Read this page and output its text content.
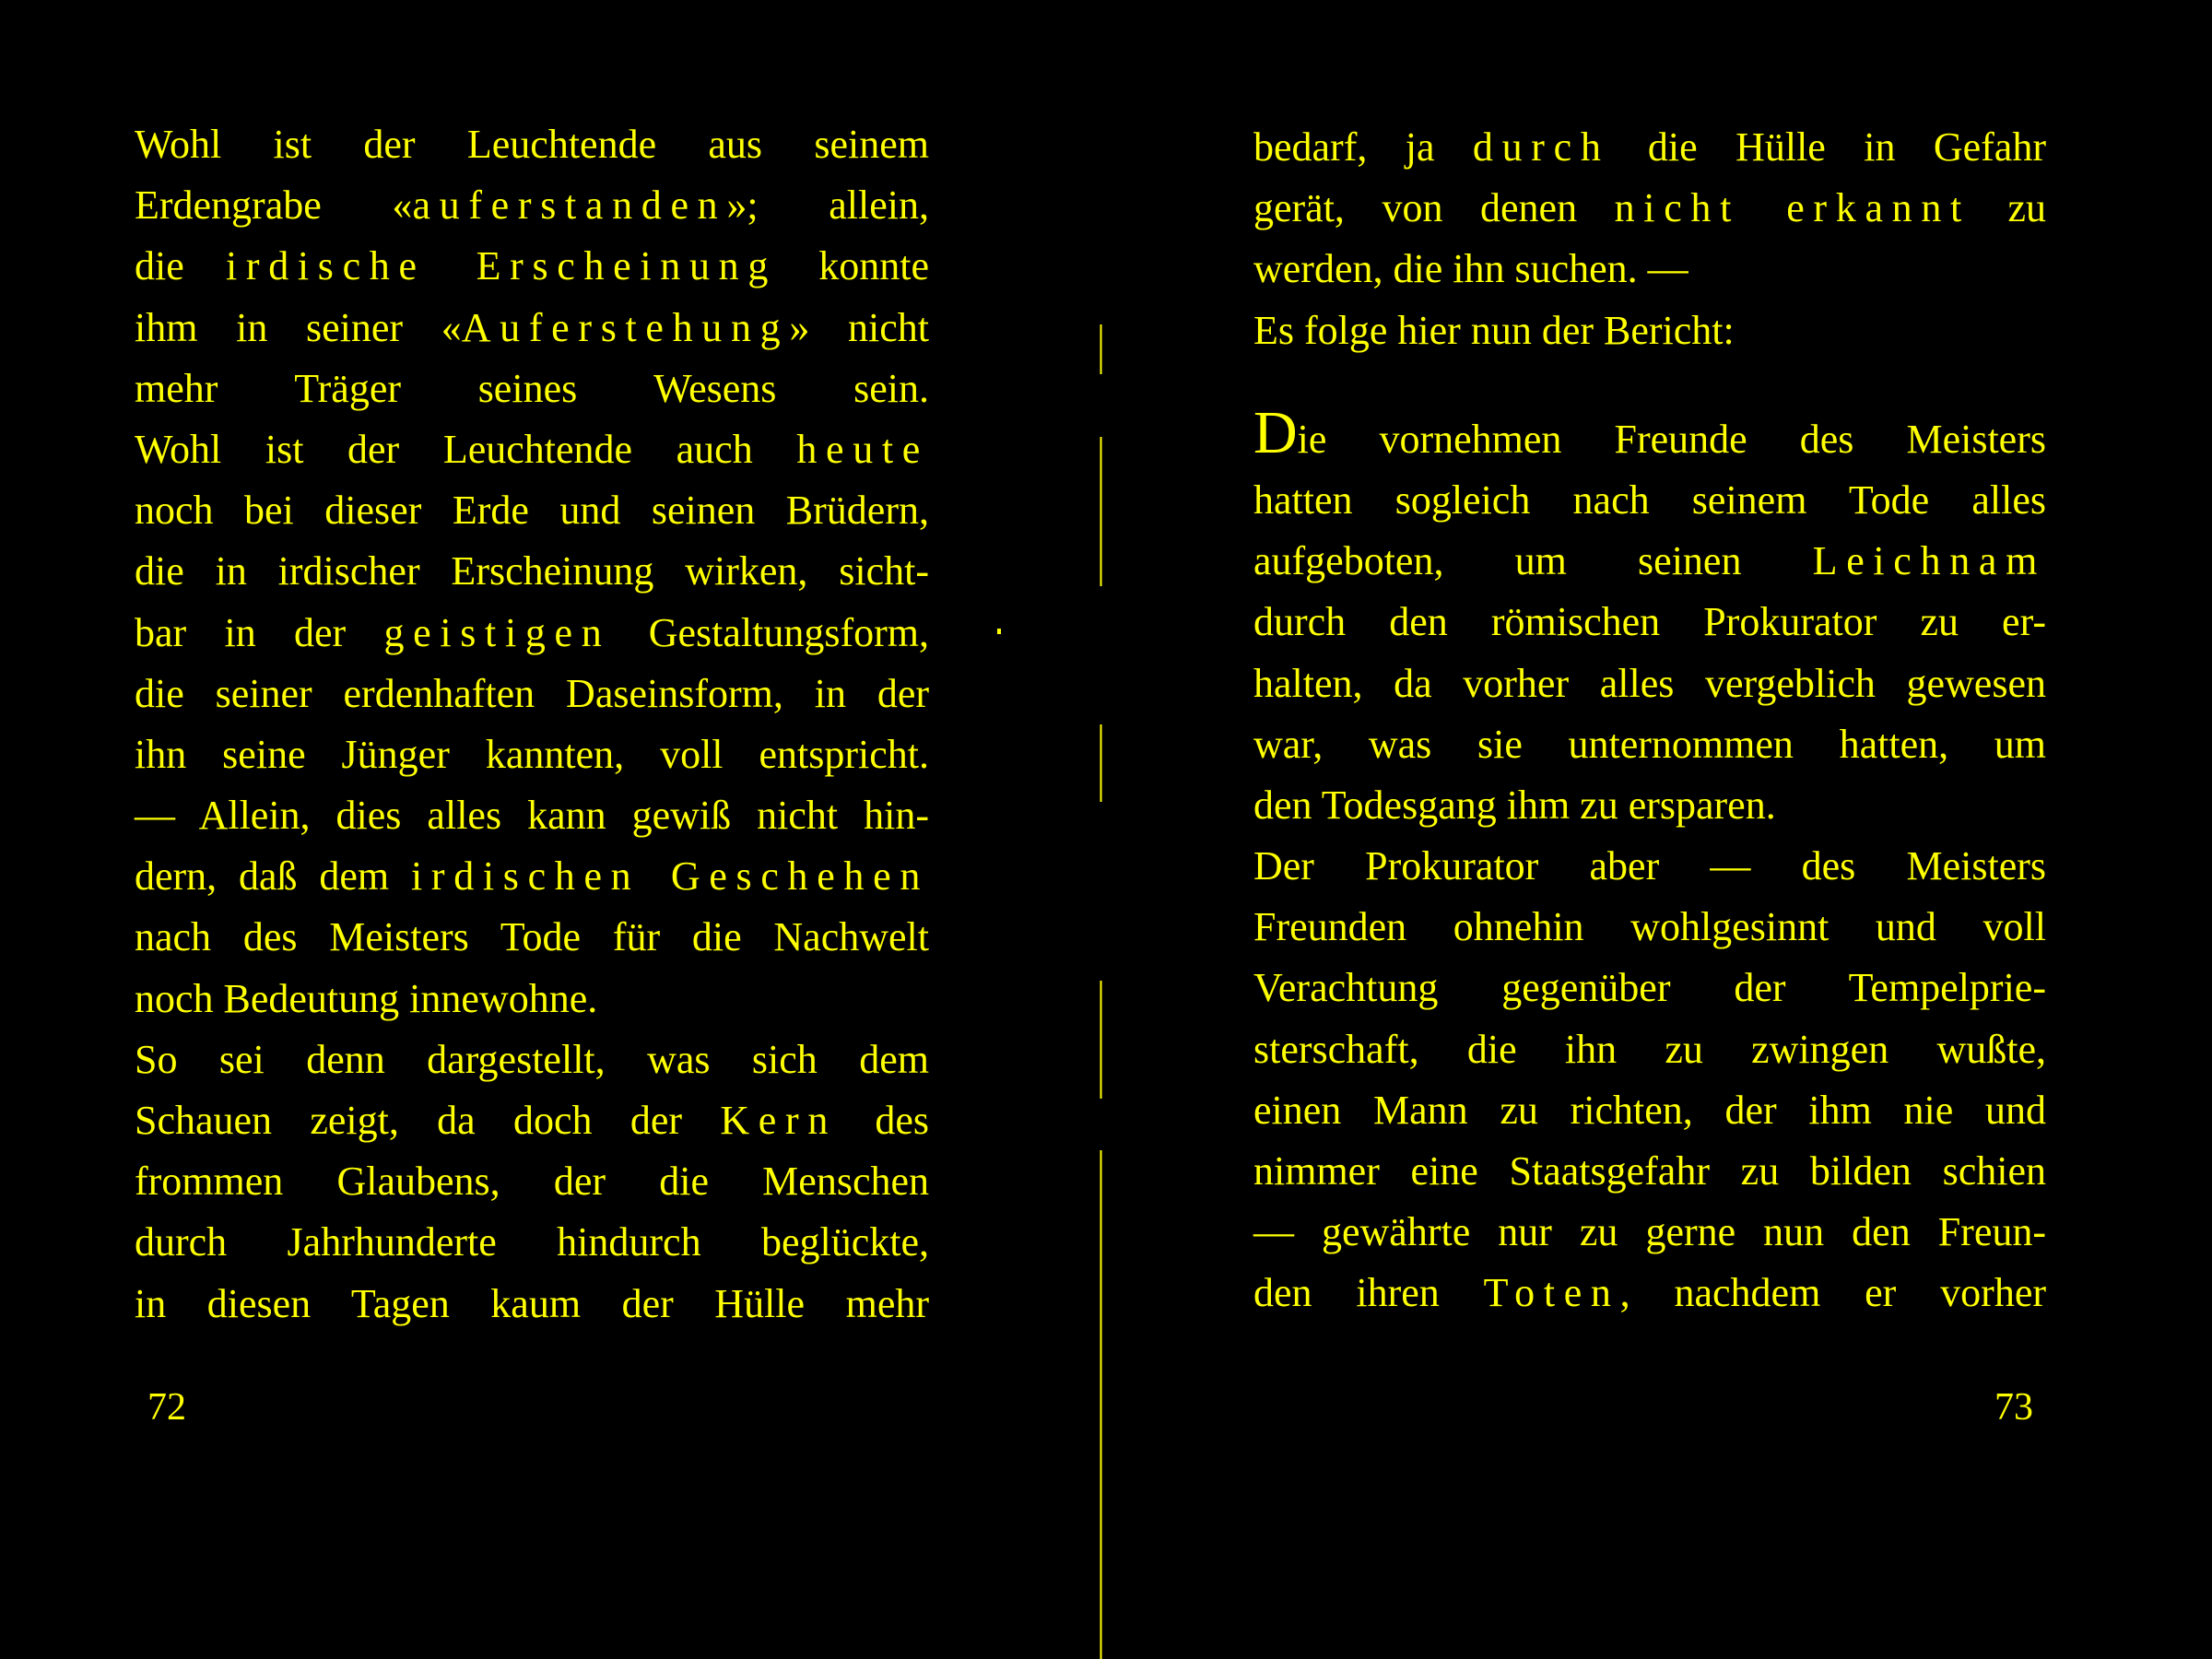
Wohl ist der Leuchtende aus seinem
Erdengrabe «auferstanden»; allein,
die irdische Erscheinung konnte
ihm in seiner «Auferstehung» nicht
mehr Träger seines Wesens sein.
Wohl ist der Leuchtende auch heute
noch bei dieser Erde und seinen Brüdern,
die in irdischer Erscheinung wirken, sicht-
bar in der geistigen Gestaltungsform,
die seiner erdenhaften Daseinsform, in der
ihn seine Jünger kannten, voll entspricht.
— Allein, dies alles kann gewiß nicht hin-
dern, daß dem irdischen Geschehen
nach des Meisters Tode für die Nachwelt
noch Bedeutung innewohne.
So sei denn dargestellt, was sich dem
Schauen zeigt, da doch der Kern des
frommen Glaubens, der die Menschen
durch Jahrhunderte hindurch beglückte,
in diesen Tagen kaum der Hülle mehr

72

bedarf, ja durch die Hülle in Gefahr
gerät, von denen nicht erkannt zu
werden, die ihn suchen. —
Es folge hier nun der Bericht:
Die vornehmen Freunde des Meisters
hatten sogleich nach seinem Tode alles
aufgeboten, um seinen Leichnam
durch den römischen Prokurator zu er-
halten, da vorher alles vergeblich gewesen
war, was sie unternommen hatten, um
den Todesgang ihm zu ersparen.
Der Prokurator aber — des Meisters
Freunden ohnehin wohlgesinnt und voll
Verachtung gegenüber der Tempelprie-
sterschaft, die ihn zu zwingen wußte,
einen Mann zu richten, der ihm nie und
nimmer eine Staatsgefahr zu bilden schien
— gewährte nur zu gerne nun den Freun-
den ihren Toten, nachdem er vorher

73
